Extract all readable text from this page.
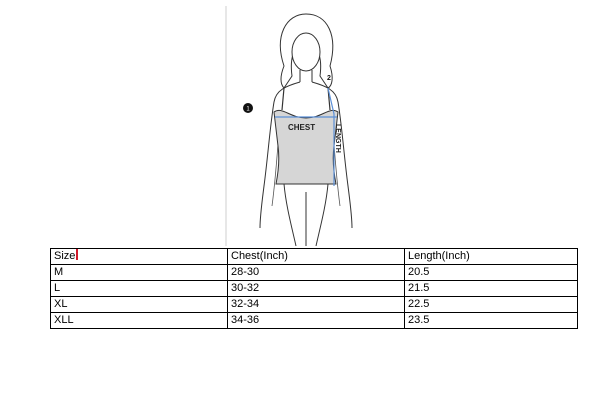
CHEST	LENGTH
1
2
Size	Chest(Inch)	Length(Inch)
M	28-30	20.5
L	30-32	21.5
XL	32-34	22.5
XLL	34-36	23.5
